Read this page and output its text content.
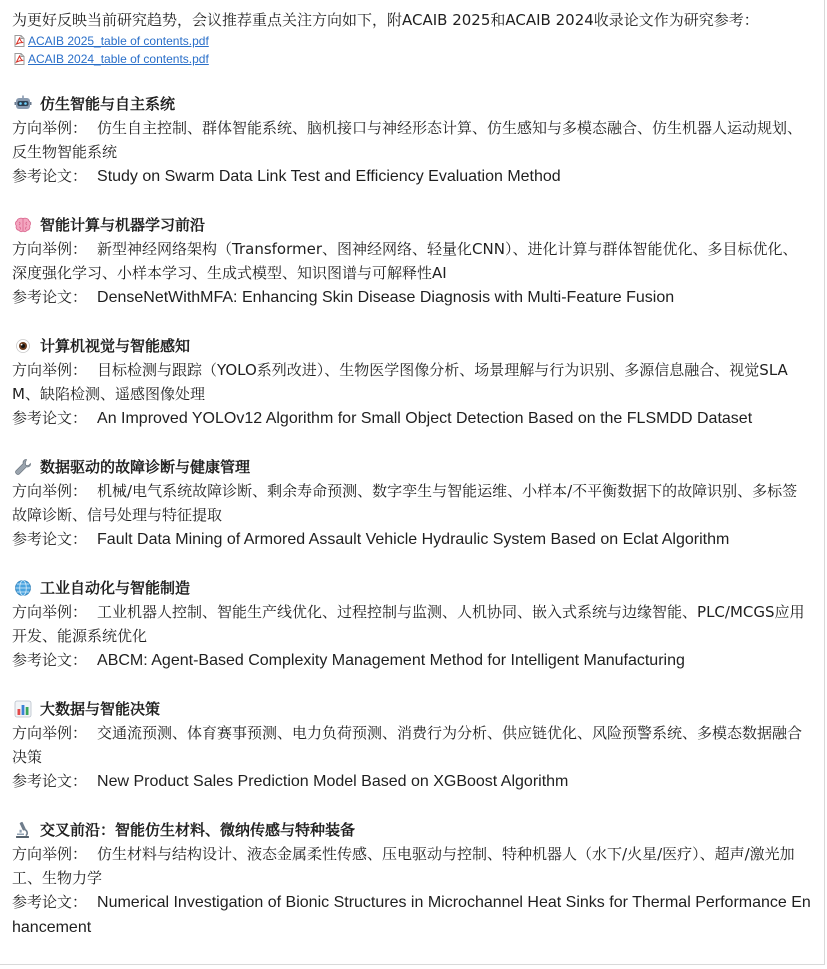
为更好反映当前研究趋势，会议推荐重点关注方向如下，附ACAIB 2025和ACAIB 2024收录论文作为研究参考：

ACAIB 2025_table of contents.pdf
ACAIB 2024_table of contents.pdf
仿生智能与自主系统

方向举例： 仿生自主控制、群体智能系统、脑机接口与神经形态计算、仿生感知与多模态融合、仿生机器人运动规划、反生物智能系统

参考论文： Study on Swarm Data Link Test and Efficiency Evaluation Method

智能计算与机器学习前沿

方向举例： 新型神经网络架构（Transformer、图神经网络、轻量化CNN）、进化计算与群体智能优化、多目标优化、深度强化学习、小样本学习、生成式模型、知识图谱与可解释性AI

参考论文： DenseNetWithMFA: Enhancing Skin Disease Diagnosis with Multi-Feature Fusion

计算机视觉与智能感知

方向举例： 目标检测与跟踪（YOLO系列改进）、生物医学图像分析、场景理解与行为识别、多源信息融合、视觉SLAM、缺陷检测、遥感图像处理

参考论文： An Improved YOLOv12 Algorithm for Small Object Detection Based on the FLSMDD Dataset

数据驱动的故障诊断与健康管理

方向举例： 机械/电气系统故障诊断、剩余寿命预测、数字孪生与智能运维、小样本/不平衡数据下的故障识别、多标签故障诊断、信号处理与特征提取

参考论文： Fault Data Mining of Armored Assault Vehicle Hydraulic System Based on Eclat Algorithm

工业自动化与智能制造

方向举例： 工业机器人控制、智能生产线优化、过程控制与监测、人机协同、嵌入式系统与边缘智能、PLC/MCGS应用开发、能源系统优化

参考论文： ABCM: Agent-Based Complexity Management Method for Intelligent Manufacturing

大数据与智能决策

方向举例： 交通流预测、体育赛事预测、电力负荷预测、消费行为分析、供应链优化、风险预警系统、多模态数据融合决策

参考论文： New Product Sales Prediction Model Based on XGBoost Algorithm

交叉前沿：智能仿生材料、微纳传感与特种装备

方向举例： 仿生材料与结构设计、液态金属柔性传感、压电驱动与控制、特种机器人（水下/火星/医疗）、超声/激光加工、生物力学

参考论文： Numerical Investigation of Bionic Structures in Microchannel Heat Sinks for Thermal Performance Enhancement
